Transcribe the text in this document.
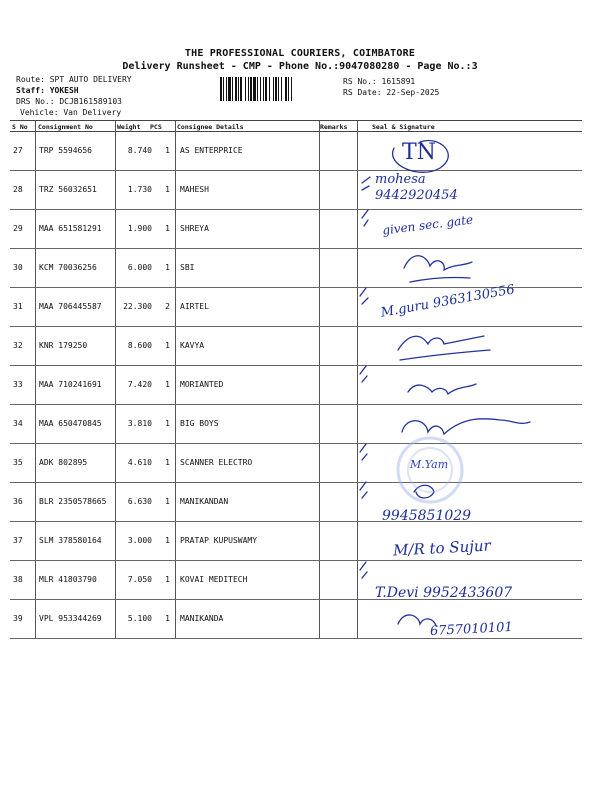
THE PROFESSIONAL COURIERS, COIMBATORE
Delivery Runsheet - CMP - Phone No.:9047080280 - Page No.:3
Route: SPT AUTO DELIVERY
Staff: YOKESH
DRS No.: DCJB161589103
Vehicle: Van Delivery
RS No.: 1615891
RS Date: 22-Sep-2025
S No Consignment No	Weight PCS Consignee Details	Remarks	Seal & Signature
27 TRP 5594656	8.740	1 AS ENTERPRICE
28 TRZ 56032651	1.730	1 MAHESH
29 MAA 651581291	1.900	1 SHREYA
30 KCM 70036256	6.000	1 SBI
31 MAA 706445587	22.300	2 AIRTEL
32 KNR 179250	8.600	1 KAVYA
33 MAA 710241691	7.420	1 MORIANTED
34 MAA 650470845	3.810	1 BIG BOYS
35 ADK 802895	4.610	1 SCANNER ELECTRO
36 BLR 2350578665	6.630	1 MANIKANDAN
37 SLM 378580164	3.000	1 PRATAP KUPUSWAMY
38 MLR 41803790	7.050	1 KOVAI MEDITECH
39 VPL 953344269	5.100	1 MANIKANDA
TN
mohesa 9442920454
given sec. gate
M.guru 9363130556
M.Yam
9945851029
M/R to Sujur
T.Devi 9952433607
6757010101
